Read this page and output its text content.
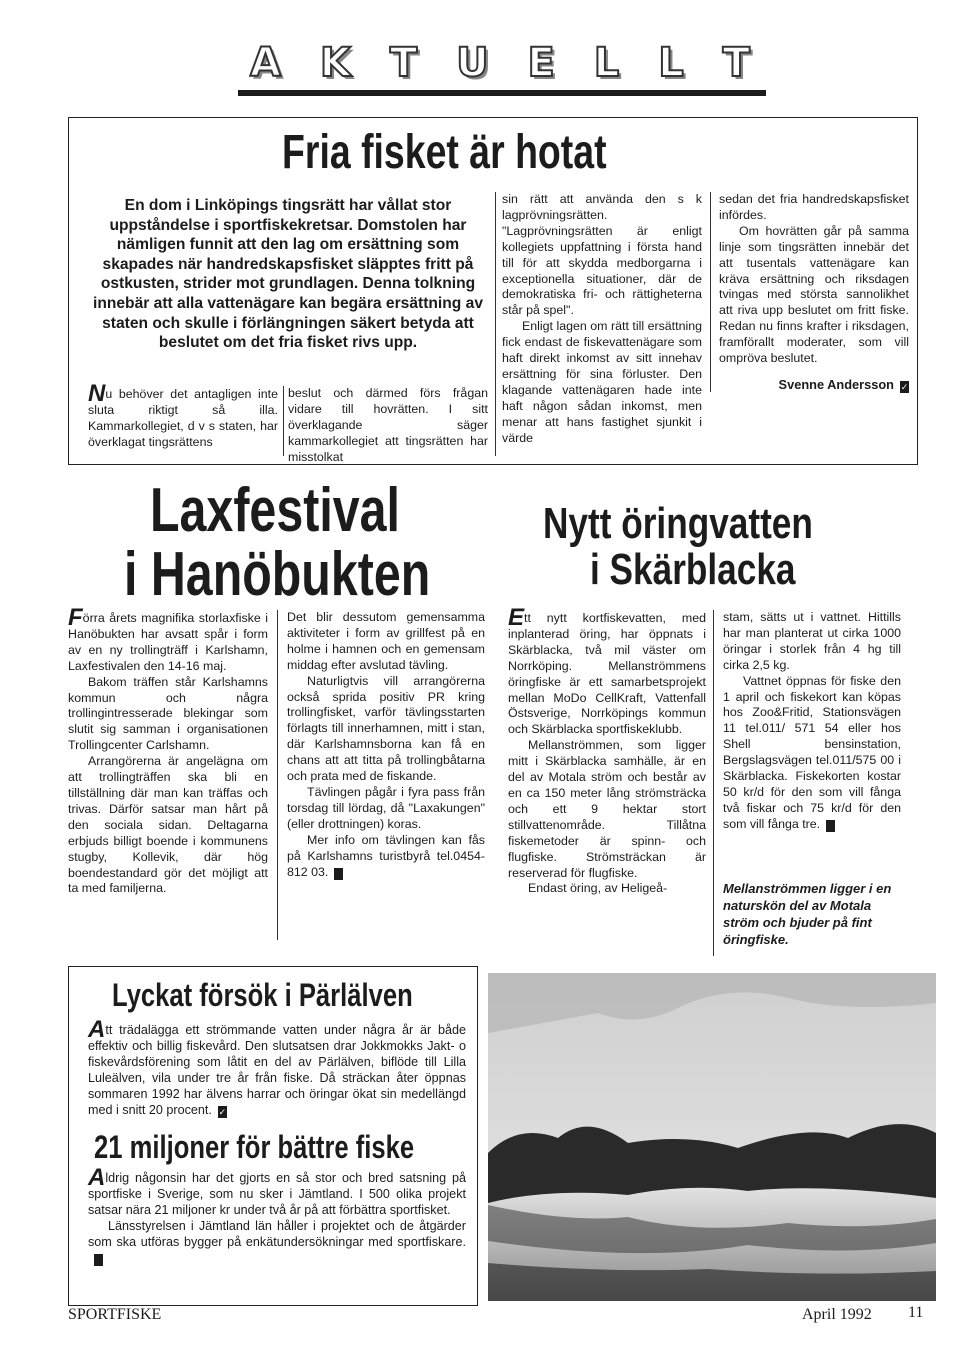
A K T U E L L T
Fria fisket är hotat
En dom i Linköpings tingsrätt har vållat stor uppståndelse i sportfiskekretsar. Domstolen har nämligen funnit att den lag om ersättning som skapades när handredskapsfisket släpptes fritt på ostkusten, strider mot grundlagen. Denna tolkning innebär att alla vattenägare kan begära ersättning av staten och skulle i förlängningen säkert betyda att beslutet om det fria fisket rivs upp.
Nu behöver det antagligen inte sluta riktigt så illa. Kammarkollegiet, d v s staten, har överklagat tingsrättens
beslut och därmed förs frågan vidare till hovrätten. I sitt överklagande säger kammarkollegiet att tingsrätten har misstolkat

sin rätt att använda den s k lagprövningsrätten. "Lagprövningsrätten är enligt kollegiets uppfattning i första hand till för att skydda medborgarna i exceptionella situationer, där de demokratiska fri- och rättigheterna står på spel".

Enligt lagen om rätt till ersättning fick endast de fiskevattenägare som haft direkt inkomst av sitt innehav ersättning för sina förluster. Den klagande vattenägaren hade inte haft någon sådan inkomst, men menar att hans fastighet sjunkit i värde

sedan det fria handredskapsfisket infördes.

Om hovrätten går på samma linje som tingsrätten innebär det att tusentals vattenägare kan kräva ersättning och riksdagen tvingas med största sannolikhet att riva upp beslutet om fritt fiske. Redan nu finns krafter i riksdagen, framförallt moderater, som vill ompröva beslutet.

Svenne Andersson ✓

Laxfestival
i Hanöbukten

Förra årets magnifika storlaxfiske i Hanöbukten har avsatt spår i form av en ny trollingträff i Karlshamn, Laxfestivalen den 14-16 maj.

Bakom träffen står Karlshamns kommun och några trollingintresserade blekingar som slutit sig samman i organisationen Trollingcenter Carlshamn.

Arrangörerna är angelägna om att trollingträffen ska bli en tillställning där man kan träffas och trivas. Därför satsar man hårt på den sociala sidan. Deltagarna erbjuds billigt boende i kommunens stugby, Kollevik, där hög boendestandard gör det möjligt att ta med familjerna.

Det blir dessutom gemensamma aktiviteter i form av grillfest på en holme i hamnen och en gemensam middag efter avslutad tävling.

Naturligtvis vill arrangörerna också sprida positiv PR kring trollingfisket, varför tävlingsstarten förlagts till innerhamnen, mitt i stan, där Karlshamnsborna kan få en chans att att titta på trollingbåtarna och prata med de fiskande.

Tävlingen pågår i fyra pass från torsdag till lördag, då "Laxakungen" (eller drottningen) koras.

Mer info om tävlingen kan fås på Karlshamns turistbyrå tel.0454-812 03.	✓

Nytt öringvatten
i Skärblacka

Ett nytt kortfiskevatten, med inplanterad öring, har öppnats i Skärblacka, två mil väster om Norrköping. Mellanströmmens öringfiske är ett samarbetsprojekt mellan MoDo CellKraft, Vattenfall Östsverige, Norrköpings kommun och Skärblacka sportfiskeklubb.

Mellanströmmen, som ligger mitt i Skärblacka samhälle, är en del av Motala ström och består av en ca 150 meter lång strömsträcka och ett 9 hektar stort stillvattenområde. Tillåtna fiskemetoder är spinn- och flugfiske. Strömsträckan är reserverad för flugfiske.

Endast öring, av Heligeå-

stam, sätts ut i vattnet. Hittills har man planterat ut cirka 1000 öringar i storlek från 4 hg till cirka 2,5 kg.

Vattnet öppnas för fiske den 1 april och fiskekort kan köpas hos Zoo&Fritid, Stationsvägen 11 tel.011/ 571 54 eller hos Shell bensinstation, Bergslagsvägen tel.011/575 00 i Skärblacka. Fiskekorten kostar 50 kr/d för den som vill fånga två fiskar och 75 kr/d för den som vill fånga tre.	✓

Mellanströmmen ligger i en naturskön del av Motala ström och bjuder på fint öringfiske.
Lyckat försök i Pärlälven
Att trädalägga ett strömmande vatten under några år är både effektiv och billig fiskevård. Den slutsatsen drar Jokkmokks Jakt- o fiskevårdsförening som låtit en del av Pärlälven, biflöde till Lilla Luleälven, vila under tre år från fiske. Då sträckan åter öppnas sommaren 1992 har älvens harrar och öringar ökat sin medellängd med i snitt 20 procent. ✓
21 miljoner för bättre fiske

Aldrig någonsin har det gjorts en så stor och bred satsning på sportfiske i Sverige, som nu sker i Jämtland. I 500 olika projekt satsar nära 21 miljoner kr under två år på att förbättra sportfisket.

Länsstyrelsen i Jämtland län håller i projektet och de åtgärder som ska utföras bygger på enkätundersökningar med sportfiskare.✓

SPORTFISKE	April 1992 11
